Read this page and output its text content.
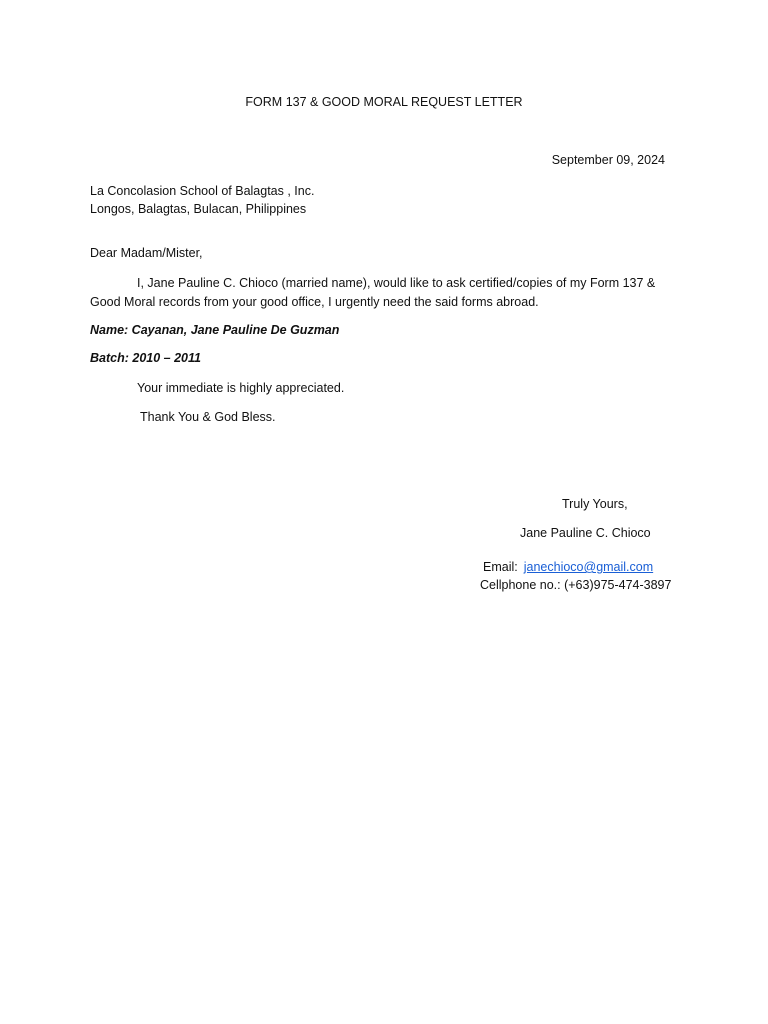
FORM 137 & GOOD MORAL REQUEST LETTER
September 09, 2024
La Concolasion School of Balagtas , Inc.
Longos, Balagtas, Bulacan, Philippines
Dear Madam/Mister,
I, Jane Pauline C. Chioco (married name), would like to ask certified/copies of my Form 137 & Good Moral records from your good office, I urgently need the said forms abroad.
Name: Cayanan, Jane Pauline De Guzman
Batch: 2010 – 2011
Your immediate is highly appreciated.
Thank You & God Bless.
Truly Yours,
Jane Pauline C. Chioco
Email: janechioco@gmail.com
Cellphone no.: (+63)975-474-3897
